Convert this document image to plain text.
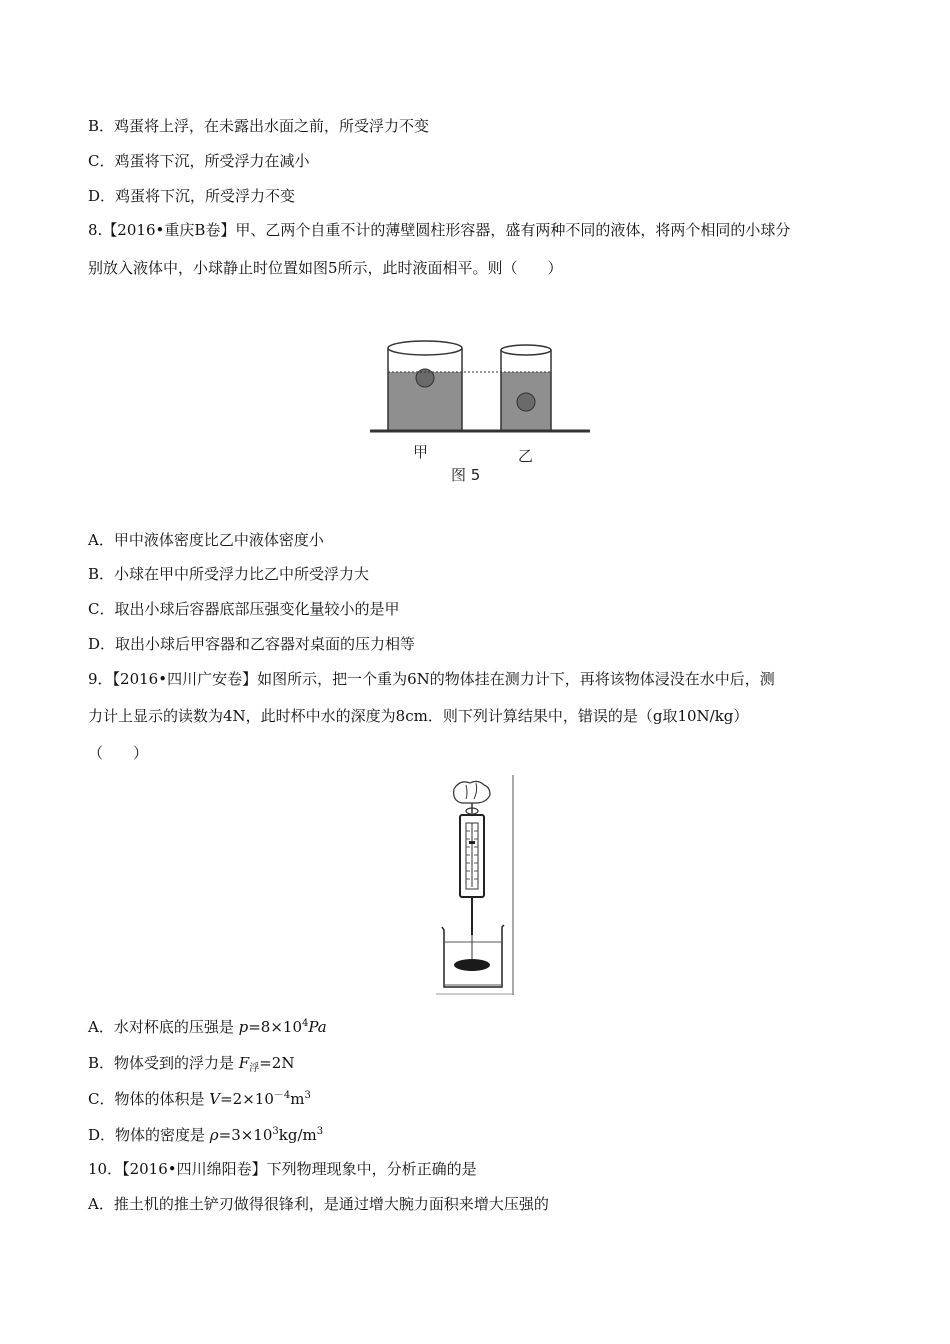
B．鸡蛋将上浮，在未露出水面之前，所受浮力不变
C．鸡蛋将下沉，所受浮力在减小
D．鸡蛋将下沉，所受浮力不变
8.【2016•重庆B卷】甲、乙两个自重不计的薄壁圆柱形容器，盛有两种不同的液体，将两个相同的小球分
别放入液体中，小球静止时位置如图5所示，此时液面相平。则（　　）
甲	乙
图 5
A．甲中液体密度比乙中液体密度小
B．小球在甲中所受浮力比乙中所受浮力大
C．取出小球后容器底部压强变化量较小的是甲
D．取出小球后甲容器和乙容器对桌面的压力相等
9．【2016•四川广安卷】如图所示，把一个重为6N的物体挂在测力计下，再将该物体浸没在水中后，测
力计上显示的读数为4N，此时杯中水的深度为8cm．则下列计算结果中，错误的是（g取10N/kg）
（　　）
A．水对杯底的压强是 $p=8\times 10^4Pa$
B．物体受到的浮力是 $F_浮=2N$
C．物体的体积是 $V=2\times 10^{-4}m^3$
D．物体的密度是 $\rho=3\times 10^3kg/m^3$
10．【2016•四川绵阳卷】下列物理现象中，分析正确的是
A．推土机的推土铲刃做得很锋利，是通过增大腕力面积来增大压强的
